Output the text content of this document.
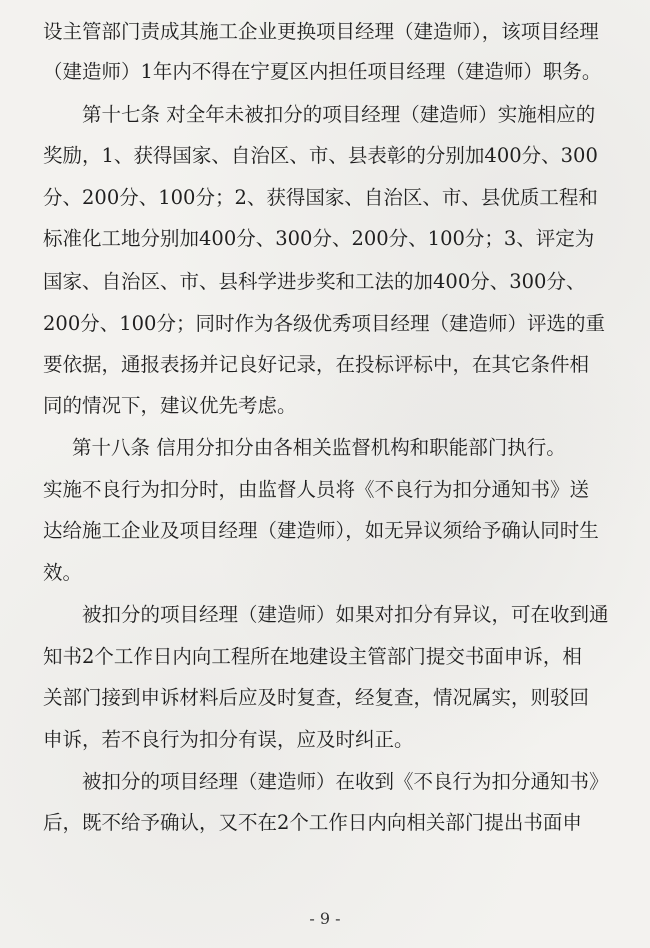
设主管部门责成其施工企业更换项目经理（建造师），该项目经理
（建造师）1年内不得在宁夏区内担任项目经理（建造师）职务。
第十七条 对全年未被扣分的项目经理（建造师）实施相应的
奖励，1、获得国家、自治区、市、县表彰的分别加400分、300
分、200分、100分；2、获得国家、自治区、市、县优质工程和
标准化工地分别加400分、300分、200分、100分；3、评定为
国家、自治区、市、县科学进步奖和工法的加400分、300分、
200分、100分；同时作为各级优秀项目经理（建造师）评选的重
要依据，通报表扬并记良好记录，在投标评标中，在其它条件相
同的情况下，建议优先考虑。
第十八条 信用分扣分由各相关监督机构和职能部门执行。
实施不良行为扣分时，由监督人员将《不良行为扣分通知书》送
达给施工企业及项目经理（建造师），如无异议须给予确认同时生
效。
被扣分的项目经理（建造师）如果对扣分有异议，可在收到通
知书2个工作日内向工程所在地建设主管部门提交书面申诉，相
关部门接到申诉材料后应及时复查，经复查，情况属实，则驳回
申诉，若不良行为扣分有误，应及时纠正。
被扣分的项目经理（建造师）在收到《不良行为扣分通知书》
后，既不给予确认，又不在2个工作日内向相关部门提出书面申
- 9 -
